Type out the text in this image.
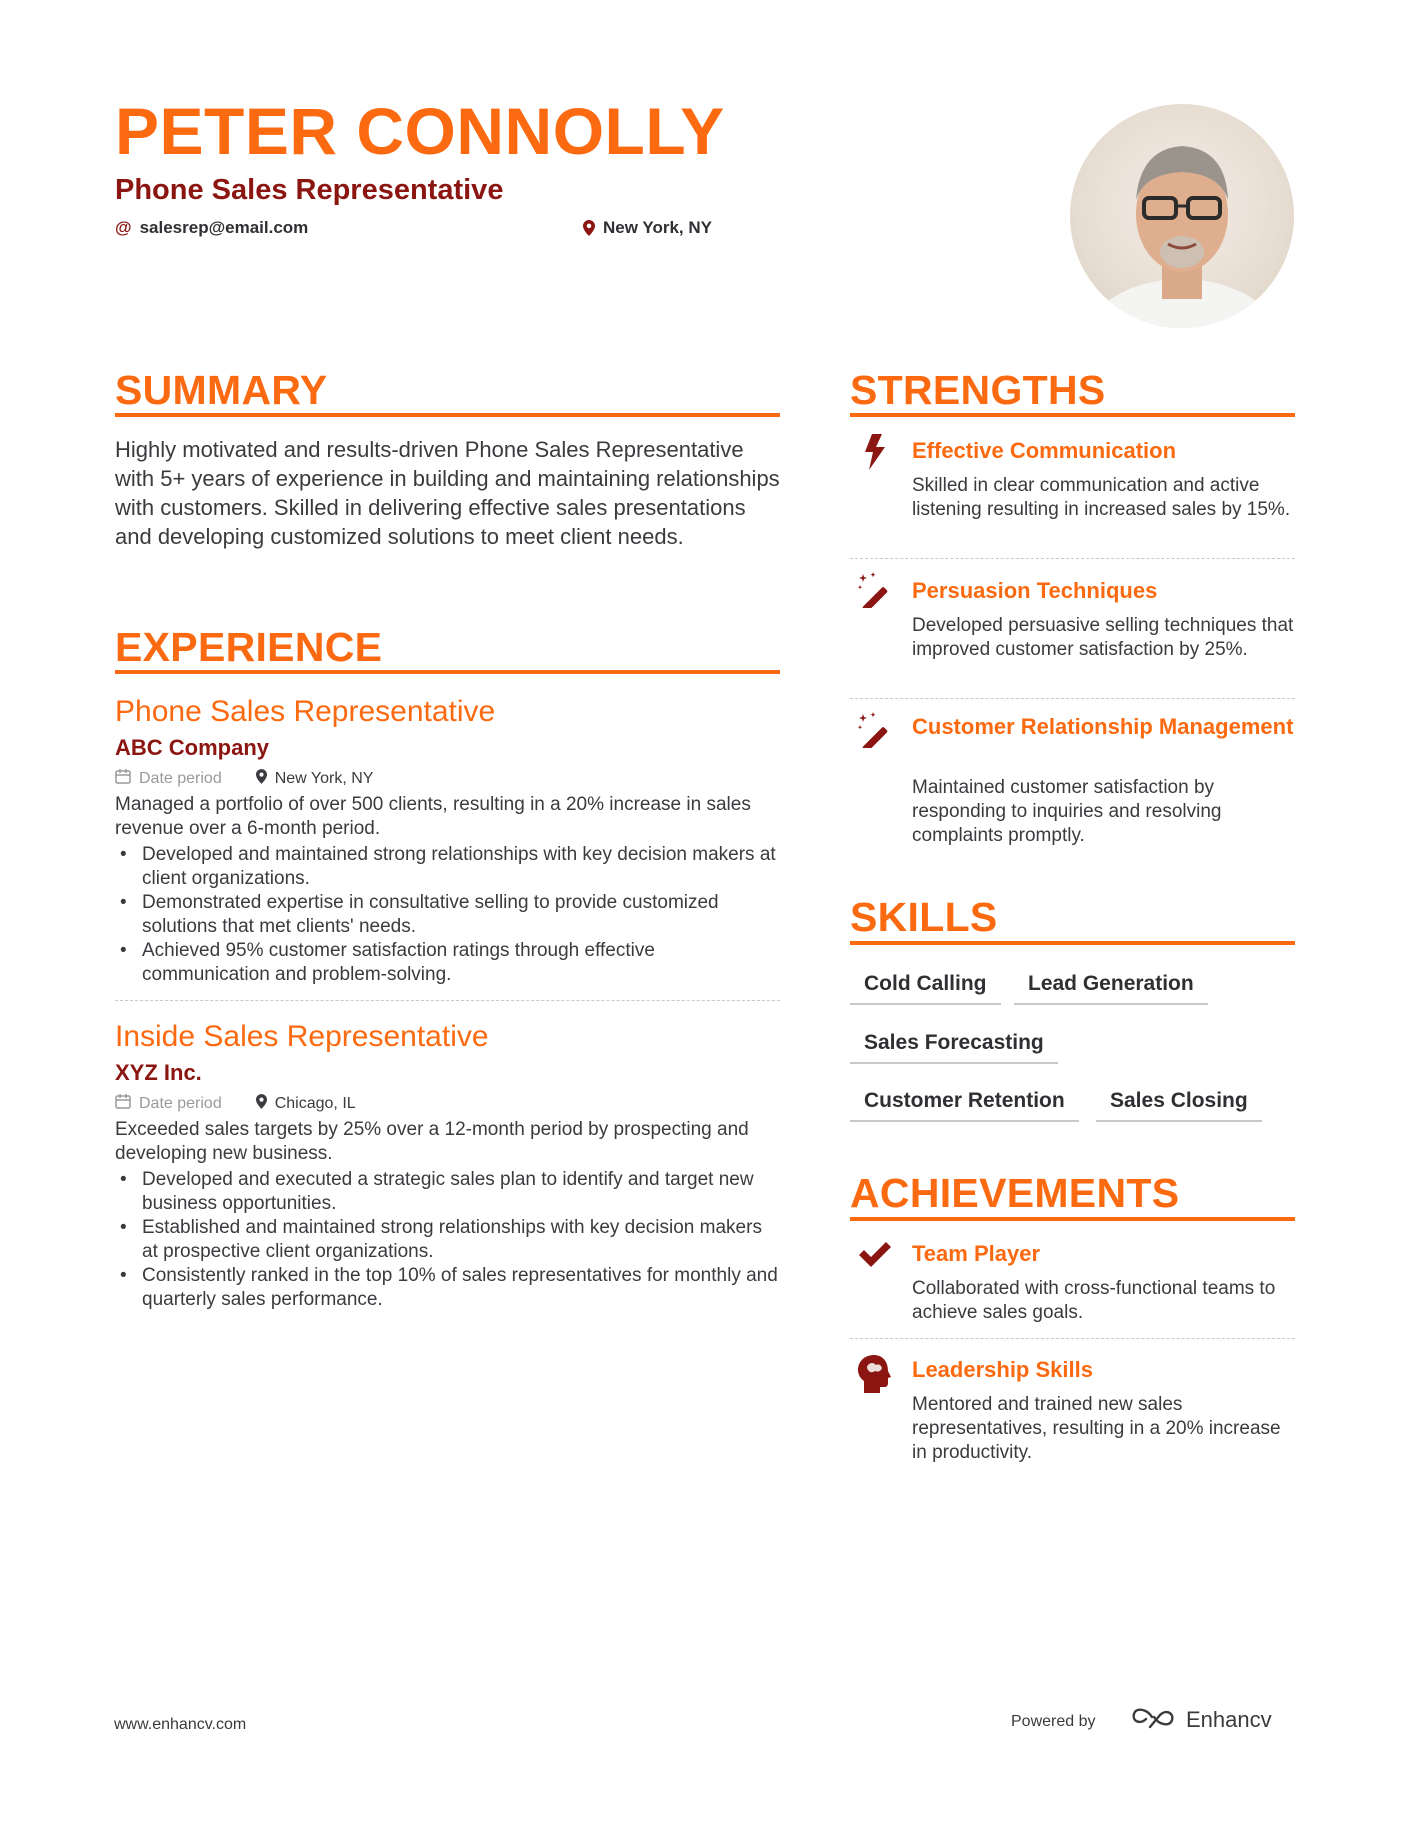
PETER CONNOLLY
Phone Sales Representative
@ salesrep@email.com	New York, NY
SUMMARY
Highly motivated and results-driven Phone Sales Representative with 5+ years of experience in building and maintaining relationships with customers. Skilled in delivering effective sales presentations and developing customized solutions to meet client needs.
EXPERIENCE
Phone Sales Representative
ABC Company
Date period	New York, NY
Managed a portfolio of over 500 clients, resulting in a 20% increase in sales revenue over a 6-month period.
• Developed and maintained strong relationships with key decision makers at client organizations.
• Demonstrated expertise in consultative selling to provide customized solutions that met clients' needs.
• Achieved 95% customer satisfaction ratings through effective communication and problem-solving.
Inside Sales Representative
XYZ Inc.
Date period	Chicago, IL
Exceeded sales targets by 25% over a 12-month period by prospecting and developing new business.
• Developed and executed a strategic sales plan to identify and target new business opportunities.
• Established and maintained strong relationships with key decision makers at prospective client organizations.
• Consistently ranked in the top 10% of sales representatives for monthly and quarterly sales performance.
STRENGTHS
Effective Communication
Skilled in clear communication and active listening resulting in increased sales by 15%.
Persuasion Techniques
Developed persuasive selling techniques that improved customer satisfaction by 25%.
Customer Relationship Management
Maintained customer satisfaction by responding to inquiries and resolving complaints promptly.
SKILLS
Cold Calling	Lead Generation
Sales Forecasting
Customer Retention	Sales Closing
ACHIEVEMENTS
Team Player
Collaborated with cross-functional teams to achieve sales goals.
Leadership Skills
Mentored and trained new sales representatives, resulting in a 20% increase in productivity.
www.enhancv.com	Powered by	Enhancv
